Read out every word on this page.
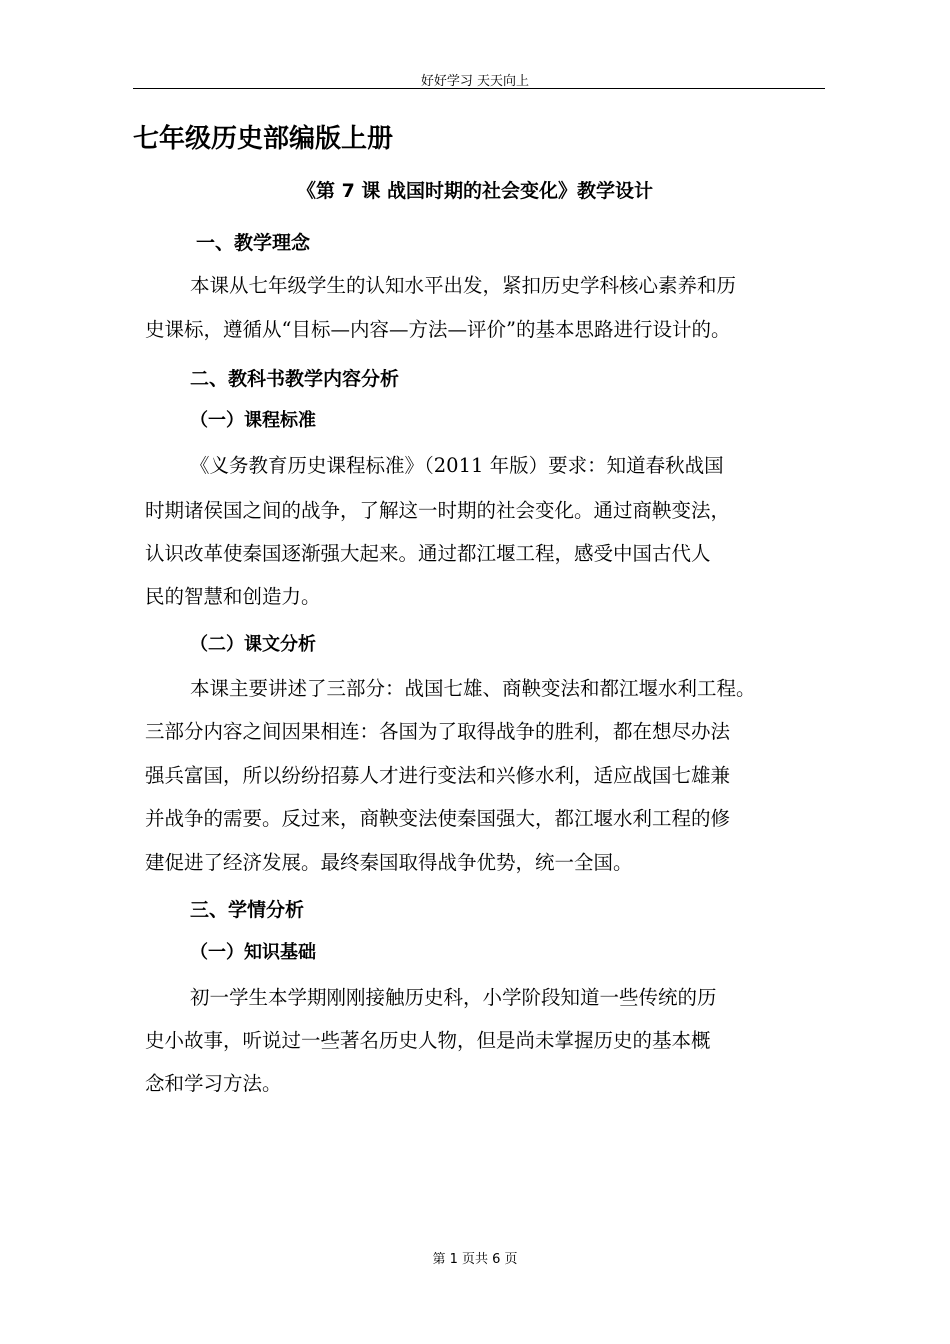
好好学习 天天向上
七年级历史部编版上册
《第 7 课 战国时期的社会变化》教学设计
一、教学理念
本课从七年级学生的认知水平出发，紧扣历史学科核心素养和历
史课标，遵循从“目标—内容—方法—评价”的基本思路进行设计的。
二、教科书教学内容分析
（一）课程标准
《义务教育历史课程标准》（2011 年版）要求：知道春秋战国
时期诸侯国之间的战争，了解这一时期的社会变化。通过商鞅变法，
认识改革使秦国逐渐强大起来。通过都江堰工程，感受中国古代人
民的智慧和创造力。
（二）课文分析
本课主要讲述了三部分：战国七雄、商鞅变法和都江堰水利工程。
三部分内容之间因果相连：各国为了取得战争的胜利，都在想尽办法
强兵富国，所以纷纷招募人才进行变法和兴修水利，适应战国七雄兼
并战争的需要。反过来，商鞅变法使秦国强大，都江堰水利工程的修
建促进了经济发展。最终秦国取得战争优势，统一全国。
三、学情分析
（一）知识基础
初一学生本学期刚刚接触历史科，小学阶段知道一些传统的历
史小故事，听说过一些著名历史人物，但是尚未掌握历史的基本概
念和学习方法。
第 1 页共 6 页
